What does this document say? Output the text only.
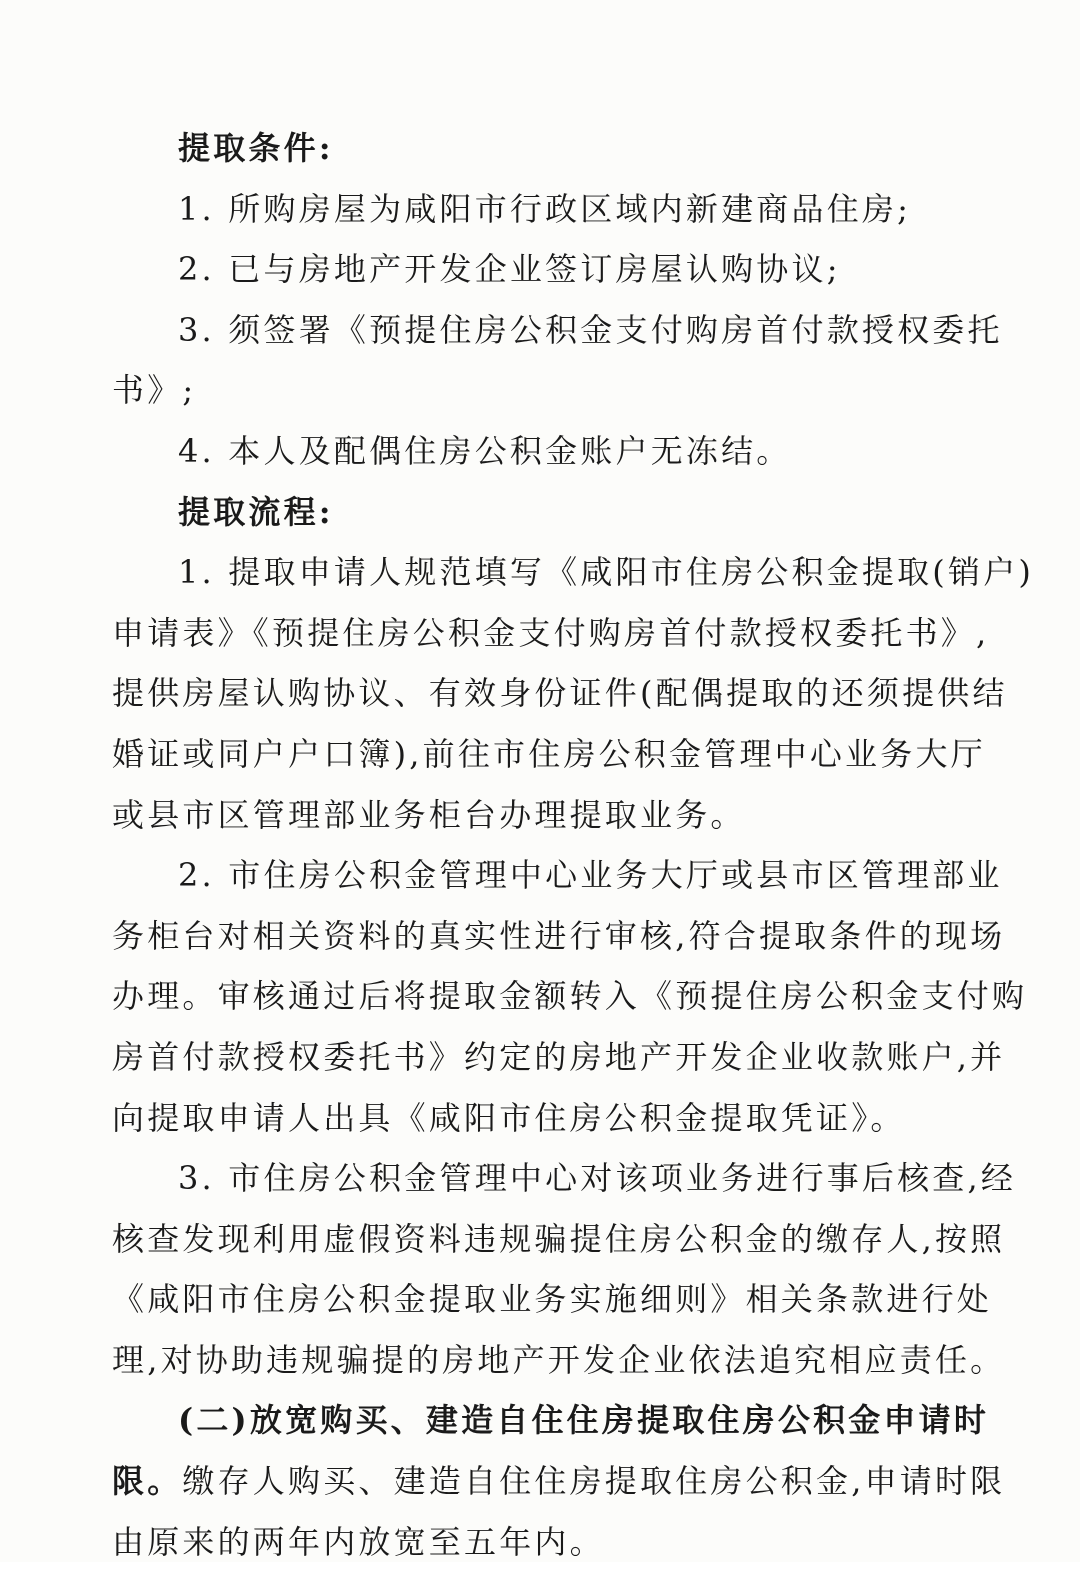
提取条件:

1. 所购房屋为咸阳市行政区域内新建商品住房;

2. 已与房地产开发企业签订房屋认购协议;

3. 须签署《预提住房公积金支付购房首付款授权委托

书》;

4. 本人及配偶住房公积金账户无冻结。

提取流程:

1. 提取申请人规范填写《咸阳市住房公积金提取(销户)

申请表》《预提住房公积金支付购房首付款授权委托书》,

提供房屋认购协议、有效身份证件(配偶提取的还须提供结

婚证或同户户口簿),前往市住房公积金管理中心业务大厅

或县市区管理部业务柜台办理提取业务。

2. 市住房公积金管理中心业务大厅或县市区管理部业

务柜台对相关资料的真实性进行审核,符合提取条件的现场

办理。审核通过后将提取金额转入《预提住房公积金支付购

房首付款授权委托书》约定的房地产开发企业收款账户,并

向提取申请人出具《咸阳市住房公积金提取凭证》。

3. 市住房公积金管理中心对该项业务进行事后核查,经

核查发现利用虚假资料违规骗提住房公积金的缴存人,按照

《咸阳市住房公积金提取业务实施细则》相关条款进行处

理,对协助违规骗提的房地产开发企业依法追究相应责任。

(二)放宽购买、建造自住住房提取住房公积金申请时

限。缴存人购买、建造自住住房提取住房公积金,申请时限

由原来的两年内放宽至五年内。
